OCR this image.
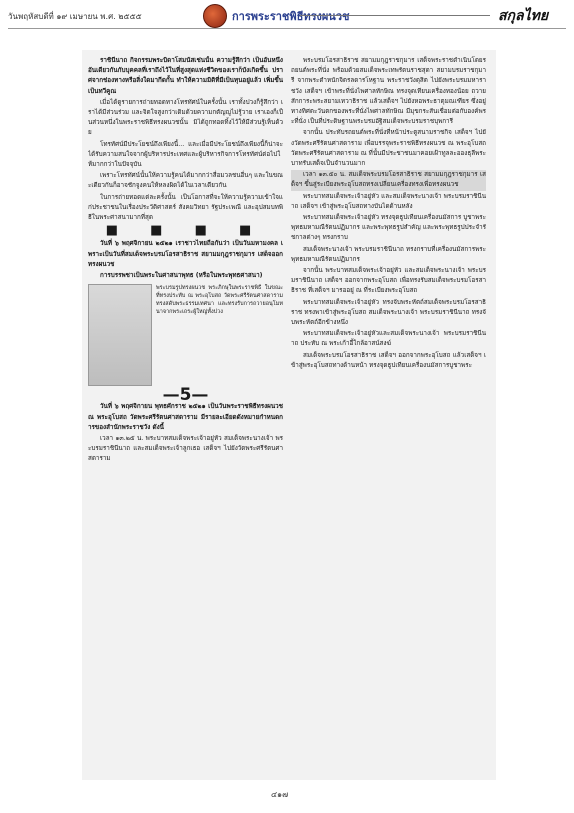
วันพฤหัสบดีที่ ๑๙ เมษายน พ.ศ. ๒๕๕๕	การพระราชพิธีทรงผนวช	สกุลไทย

ราชินีนาถ กิจกรรมพระบิดาโสมนัสเช่นนั้น ความรู้สึกว่า เป็นอันหนึ่งอันเดียวกันกับบุคคลที่เราถึงไว้ในที่สูงสุดแห่งชีวิตของเราก็บังเกิดขึ้น ปราศจากช่องทางหรือสิ่งใดมากีดกั้น ทำให้ความมิติที่มีเป็นทุนอยู่แล้ว เพิ่มขึ้นเป็นทวีคูณ

เมื่อได้ดูรายการถ่ายทอดทางโทรทัศน์ในครั้งนั้น เราทั้งปวงก็รู้สึกว่า เราได้มีส่วนร่วม และจิตใจสูงกว่าเดิมด้วยความกตัญญูไม่รู้วาย เราเองก็เป็นส่วนหนึ่งในพระราชพิธีทรงผนวชนั้น มิได้ถูกทอดทิ้งไว้ให้มีส่วนรู้เห็นด้วย

โทรทัศน์มีประโยชน์ถึงเพียงนี้... และเมื่อมีประโยชน์ถึงเพียงนี้ก็น่าจะได้รับความสนใจจากผู้บริหารประเทศและผู้บริหารกิจการโทรทัศน์ต่อไปให้มากกว่าในปัจจุบัน

เพราะโทรทัศน์นั้นให้ความรู้คนได้มากกว่าสื่อมวลชนอื่นๆ และในขณะเดียวกันก็อาจชักจูงคนให้หลงผิดได้ในเวลาเดียวกัน

ในการถ่ายทอดแต่ละครั้งนั้น เป็นโอกาสที่จะให้ความรู้ความเข้าใจแก่ประชาชนในเรื่องประวัติศาสตร์ สังคมวิทยา รัฐประเพณี และอุปสมบทพิธีในพระศาสนามากที่สุด

■ ■ ■ ■

วันที่ ๖ พฤศจิกายน ๒๕๒๑ เราชาวไทยถือกันว่า เป็นวันมหามงคล เพราะเป็นวันที่สมเด็จพระบรมโอรสาธิราช สยามมกุฎราชกุมาร เสด็จออกทรงผนวช

การบรรพชาเป็นพระในศาสนาพุทธ (หรือในพระพุทธศาสนา)

พระบรมรูปทรงผนวช พระภิกษุในพระราชพิธี ในขณะที่ทรงประทับ ณ พระอุโบสถ วัดพระศรีรัตนศาสดาราม ทรงสดับพระธรรมเทศนา และทรงรับการถวายอนุโมทนาจากพระเถระผู้ใหญ่ทั้งปวง
—5—

วันที่ ๖ พฤศจิกายน พุทธศักราช ๒๕๒๑ เป็นวันพระราชพิธีทรงผนวช ณ พระอุโบสถ วัดพระศรีรัตนศาสดาราม มีรายละเอียดดังหมายกำหนดการของสำนักพระราชวัง ดังนี้

เวลา ๑๓.๒๕ น. พระบาทสมเด็จพระเจ้าอยู่หัว สมเด็จพระนางเจ้า พระบรมราชินีนาถ และสมเด็จพระเจ้าลูกเธอ เสด็จฯ ไปยังวัดพระศรีรัตนศาสดาราม

พระบรมโอรสาธิราช สยามมกุฎราชกุมาร เสด็จพระราชดำเนินโดยรถยนต์พระที่นั่ง พร้อมด้วยสมเด็จพระเทพรัตนราชสุดา สยามบรมราชกุมารี จากพระตำหนักจิตรลดารโหฐาน พระราชวังดุสิต ไปยังพระบรมมหาราชวัง เสด็จฯ เข้าพระที่นั่งไพศาลทักษิณ ทรงจุดเทียนเครื่องทองน้อย ถวายสักการะพระสยามเทวาธิราช แล้วเสด็จฯ ไปยังหอพระธาตุมณเฑียร ซึ่งอยู่ทางทิศตะวันตกของพระที่นั่งไพศาลทักษิณ มีมุขกระสันเชื่อมต่อกับองค์พระที่นั่ง เป็นที่ประดิษฐานพระบรมอัฐิสมเด็จพระบรมราชบุพการี

จากนั้น ประทับรถยนต์พระที่นั่งที่หน้าประตูสนามราชกิจ เสด็จฯ ไปยังวัดพระศรีรัตนศาสดาราม เพื่อบรรจุพระราชพิธีทรงผนวช ณ พระอุโบสถ วัดพระศรีรัตนศาสดาราม ณ ที่นั้นมีประชาชนมาคอยเฝ้าทูลละอองธุลีพระบาทรับเสด็จเป็นจำนวนมาก

เวลา ๑๓.๕๐ น. สมเด็จพระบรมโอรสาธิราช สยามมกุฎราชกุมาร เสด็จฯ ขึ้นสู่ระเบียงพระอุโบสถทรงเปลี่ยนเครื่องทรงเพื่อทรงผนวช

พระบาทสมเด็จพระเจ้าอยู่หัว และสมเด็จพระนางเจ้า พระบรมราชินีนาถ เสด็จฯ เข้าสู่พระอุโบสถทางบันไดด้านหลัง

พระบาทสมเด็จพระเจ้าอยู่หัว ทรงจุดธูปเทียนเครื่องนมัสการ บูชาพระพุทธมหามณีรัตนปฏิมากร และพระพุทธรูปสำคัญ และพระพุทธรูปประจำรัชกาลต่างๆ ทรงกราบ

สมเด็จพระนางเจ้า พระบรมราชินีนาถ ทรงกราบที่เครื่องนมัสการพระพุทธมหามณีรัตนปฏิมากร

จากนั้น พระบาทสมเด็จพระเจ้าอยู่หัว และสมเด็จพระนางเจ้า พระบรมราชินีนาถ เสด็จฯ ออกจากพระอุโบสถ เพื่อทรงรับสมเด็จพระบรมโอรสาธิราช ที่เสด็จฯ มารออยู่ ณ ที่ระเบียงพระอุโบสถ

พระบาทสมเด็จพระเจ้าอยู่หัว ทรงจับพระหัตถ์สมเด็จพระบรมโอรสาธิราช ทรงพาเข้าสู่พระอุโบสถ สมเด็จพระนางเจ้า พระบรมราชินีนาถ ทรงจับพระหัตถ์อีกข้างหนึ่ง

พระบาทสมเด็จพระเจ้าอยู่หัวและสมเด็จพระนางเจ้า พระบรมราชินีนาถ ประทับ ณ พระเก้าอี้ใกล้อาสน์สงฆ์

สมเด็จพระบรมโอรสาธิราช เสด็จฯ ออกจากพระอุโบสถ แล้วเสด็จฯ เข้าสู่พระอุโบสถทางด้านหน้า ทรงจุดธูปเทียนเครื่องนมัสการบูชาพระ

๔๑๗
